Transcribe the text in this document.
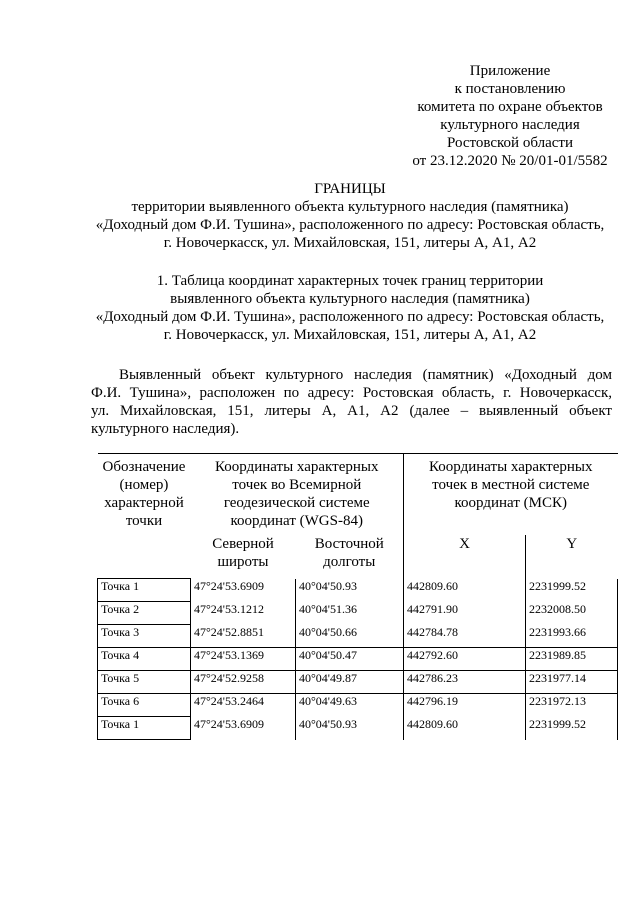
Приложение
к постановлению
комитета по охране объектов
культурного наследия
Ростовской области
от 23.12.2020 № 20/01-01/5582
ГРАНИЦЫ
территории выявленного объекта культурного наследия (памятника)
«Доходный дом Ф.И. Тушина», расположенного по адресу: Ростовская область,
г. Новочеркасск, ул. Михайловская, 151, литеры А, А1, А2
1. Таблица координат характерных точек границ территории
выявленного объекта культурного наследия (памятника)
«Доходный дом Ф.И. Тушина», расположенного по адресу: Ростовская область,
г. Новочеркасск, ул. Михайловская, 151, литеры А, А1, А2
Выявленный объект культурного наследия (памятник) «Доходный дом
Ф.И. Тушина», расположен по адресу: Ростовская область, г. Новочеркасск,
ул. Михайловская, 151, литеры А, А1, А2 (далее – выявленный объект
культурного наследия).
Обозначение (номер) характерной точки	Координаты характерных точек во Всемирной геодезической системе координат (WGS-84)		Координаты характерных точек в местной системе координат (МСК)	
	Северной широты	Восточной долготы	X	Y
Точка 1	47°24'53.6909	40°04'50.93	442809.60	2231999.52
Точка 2	47°24'53.1212	40°04'51.36	442791.90	2232008.50
Точка 3	47°24'52.8851	40°04'50.66	442784.78	2231993.66
Точка 4	47°24'53.1369	40°04'50.47	442792.60	2231989.85
Точка 5	47°24'52.9258	40°04'49.87	442786.23	2231977.14
Точка 6	47°24'53.2464	40°04'49.63	442796.19	2231972.13
Точка 1	47°24'53.6909	40°04'50.93	442809.60	2231999.52
